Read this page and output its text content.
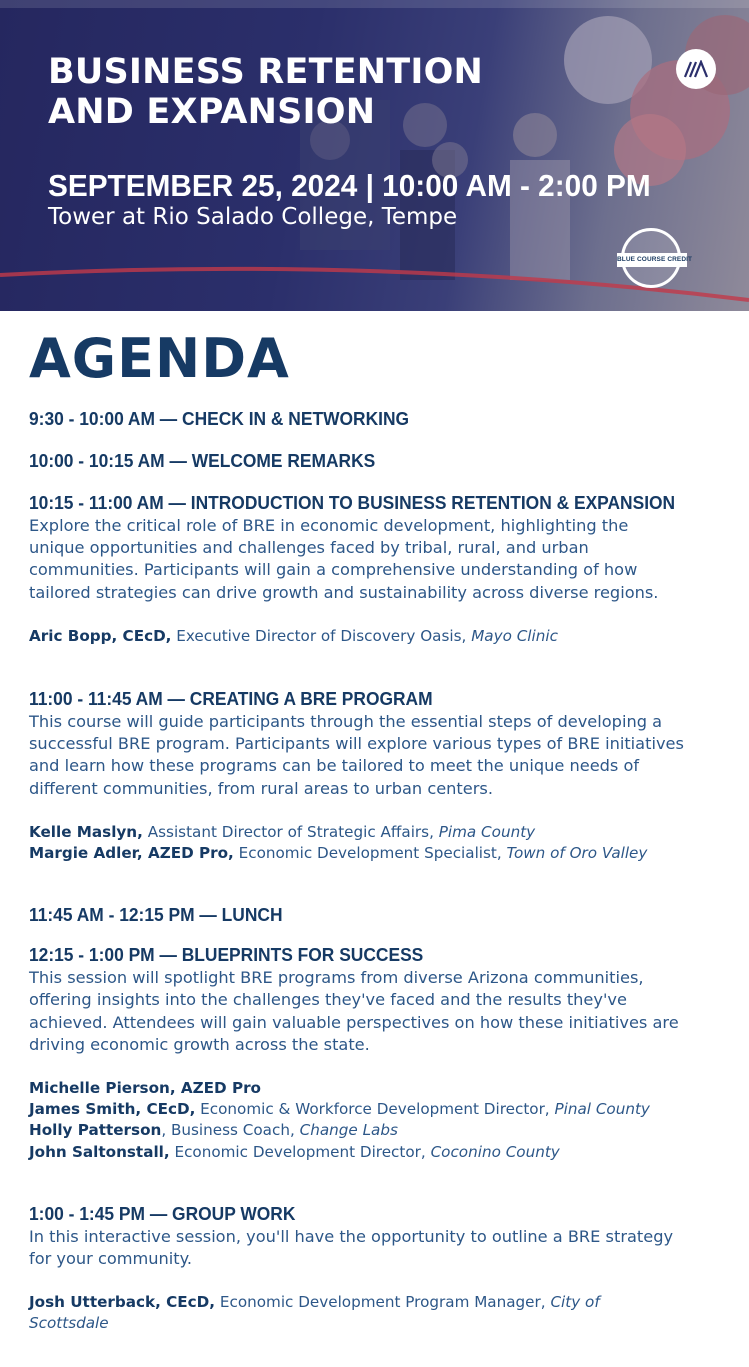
BUSINESS RETENTION
AND EXPANSION
SEPTEMBER 25, 2024 | 10:00 AM - 2:00 PM
Tower at Rio Salado College, Tempe
BLUE COURSE CREDIT
AGENDA
9:30 - 10:00 AM — CHECK IN & NETWORKING
10:00 - 10:15 AM — WELCOME REMARKS
10:15 - 11:00 AM — INTRODUCTION TO BUSINESS RETENTION & EXPANSION

Explore the critical role of BRE in economic development, highlighting the
unique opportunities and challenges faced by tribal, rural, and urban
communities. Participants will gain a comprehensive understanding of how
tailored strategies can drive growth and sustainability across diverse regions.

Aric Bopp, CEcD, Executive Director of Discovery Oasis, Mayo Clinic
11:00 - 11:45 AM — CREATING A BRE PROGRAM

This course will guide participants through the essential steps of developing a
successful BRE program. Participants will explore various types of BRE initiatives
and learn how these programs can be tailored to meet the unique needs of
different communities, from rural areas to urban centers.

Kelle Maslyn, Assistant Director of Strategic Affairs, Pima County
Margie Adler, AZED Pro, Economic Development Specialist, Town of Oro Valley
11:45 AM - 12:15 PM — LUNCH
12:15 - 1:00 PM — BLUEPRINTS FOR SUCCESS

This session will spotlight BRE programs from diverse Arizona communities,
offering insights into the challenges they've faced and the results they've
achieved. Attendees will gain valuable perspectives on how these initiatives are
driving economic growth across the state.

Michelle Pierson, AZED Pro
James Smith, CEcD, Economic & Workforce Development Director, Pinal County
Holly Patterson, Business Coach, Change Labs
John Saltonstall, Economic Development Director, Coconino County
1:00 - 1:45 PM — GROUP WORK

In this interactive session, you'll have the opportunity to outline a BRE strategy
for your community.

Josh Utterback, CEcD, Economic Development Program Manager, City of Scottsdale
